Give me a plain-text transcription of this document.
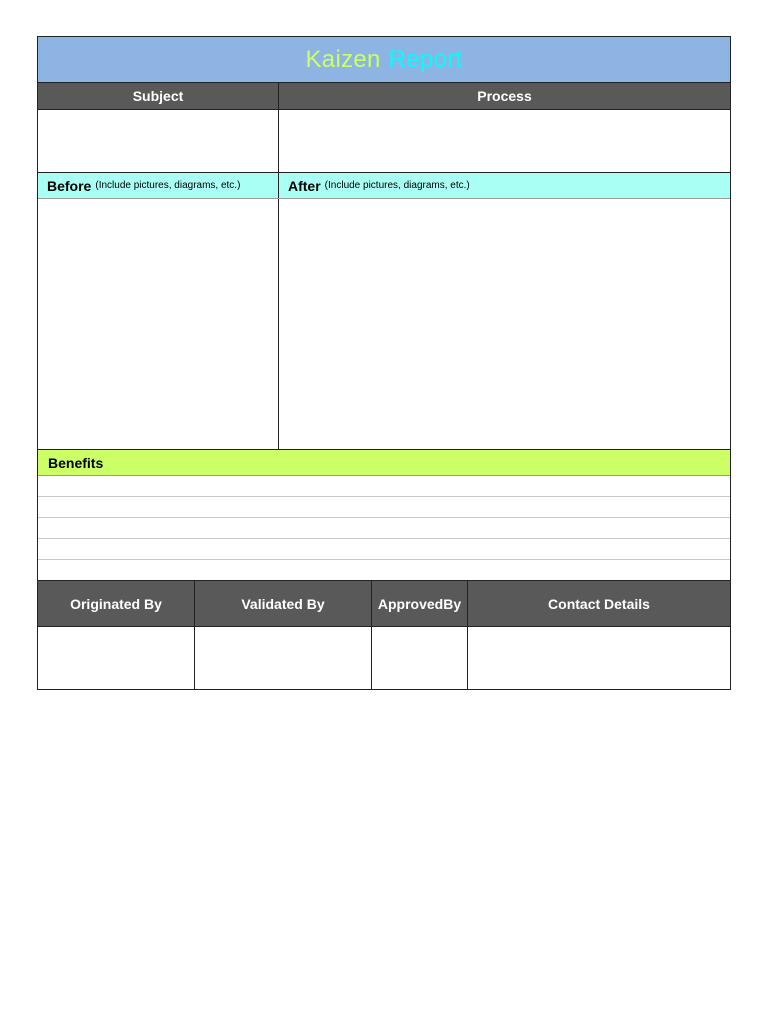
Kaizen Report
Subject	Process
Before (Include pictures, diagrams, etc.)	After (Include pictures, diagrams, etc.)
Benefits
Originated By	Validated By	Approved By	Contact Details
